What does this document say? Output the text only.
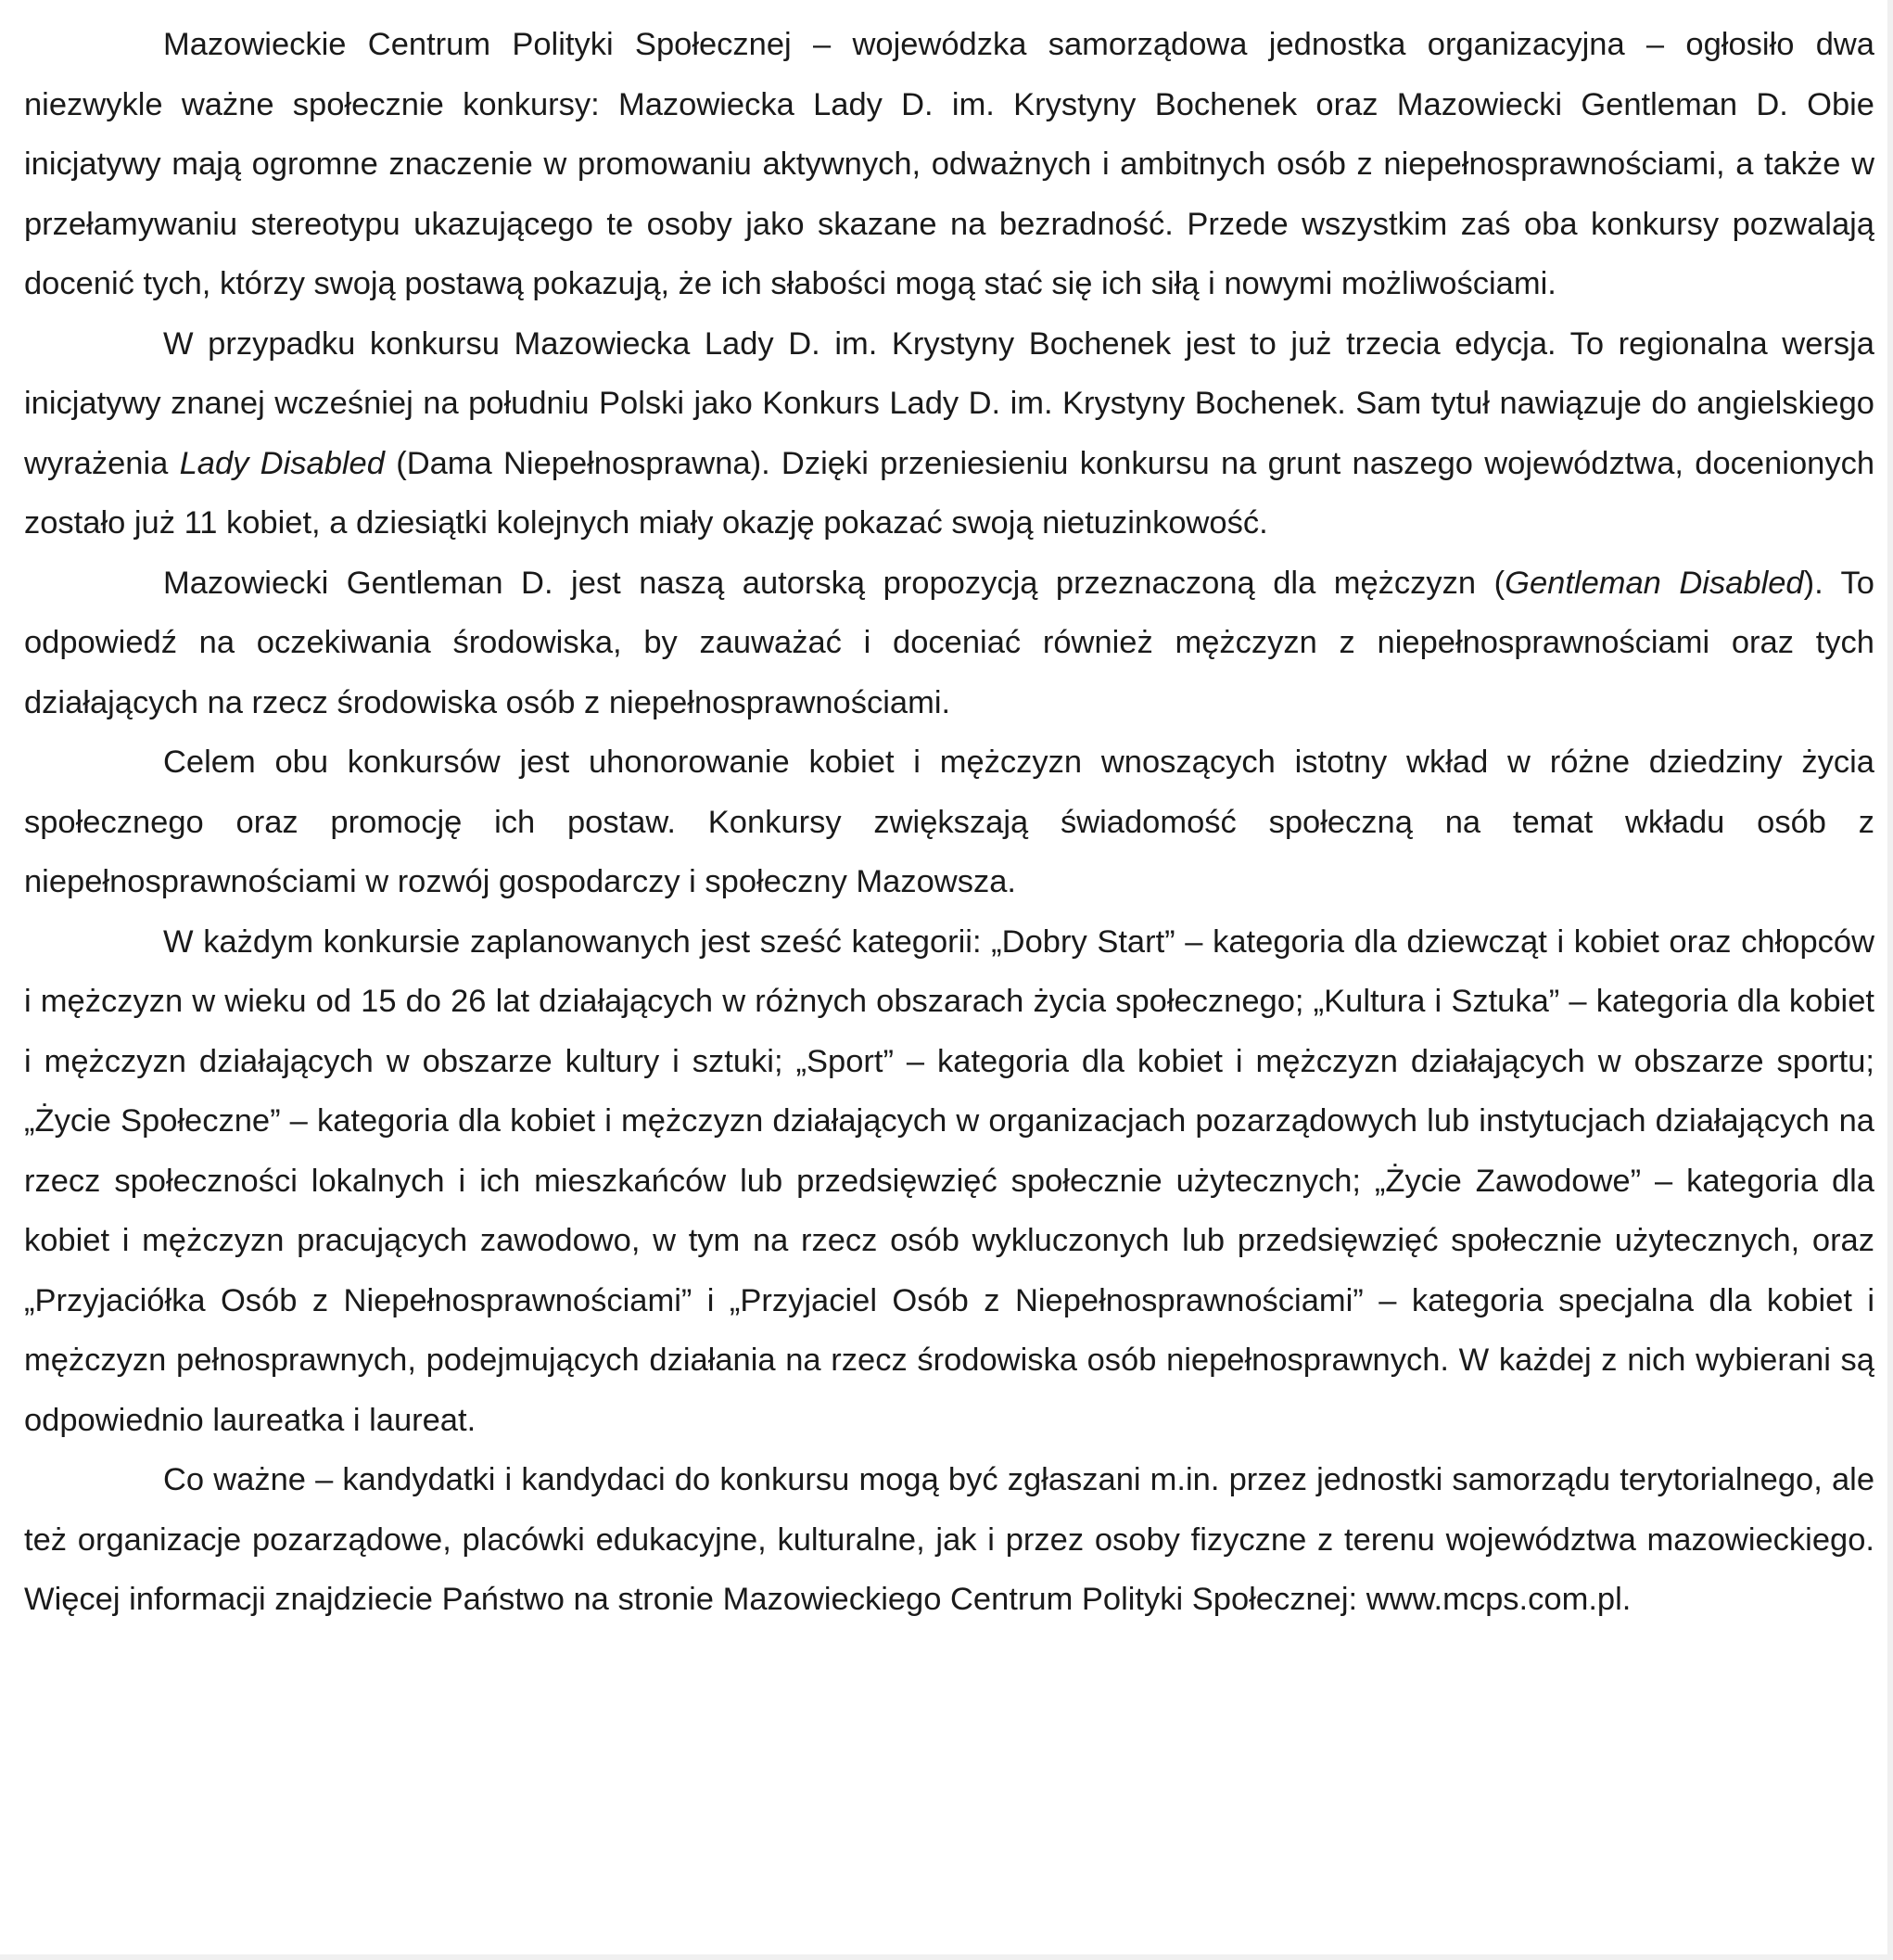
Mazowieckie Centrum Polityki Społecznej – wojewódzka samorządowa jednostka organizacyjna – ogłosiło dwa niezwykle ważne społecznie konkursy: Mazowiecka Lady D. im. Krystyny Bochenek oraz Mazowiecki Gentleman D. Obie inicjatywy mają ogromne znaczenie w promowaniu aktywnych, odważnych i ambitnych osób z niepełnosprawnościami, a także w przełamywaniu stereotypu ukazującego te osoby jako skazane na bezradność. Przede wszystkim zaś oba konkursy pozwalają docenić tych, którzy swoją postawą pokazują, że ich słabości mogą stać się ich siłą i nowymi możliwościami.

W przypadku konkursu Mazowiecka Lady D. im. Krystyny Bochenek jest to już trzecia edycja. To regionalna wersja inicjatywy znanej wcześniej na południu Polski jako Konkurs Lady D. im. Krystyny Bochenek. Sam tytuł nawiązuje do angielskiego wyrażenia Lady Disabled (Dama Niepełnosprawna). Dzięki przeniesieniu konkursu na grunt naszego województwa, docenionych zostało już 11 kobiet, a dziesiątki kolejnych miały okazję pokazać swoją nietuzinkowość.

Mazowiecki Gentleman D. jest naszą autorską propozycją przeznaczoną dla mężczyzn (Gentleman Disabled). To odpowiedź na oczekiwania środowiska, by zauważać i doceniać również mężczyzn z niepełnosprawnościami oraz tych działających na rzecz środowiska osób z niepełnosprawnościami.

Celem obu konkursów jest uhonorowanie kobiet i mężczyzn wnoszących istotny wkład w różne dziedziny życia społecznego oraz promocję ich postaw. Konkursy zwiększają świadomość społeczną na temat wkładu osób z niepełnosprawnościami w rozwój gospodarczy i społeczny Mazowsza.

W każdym konkursie zaplanowanych jest sześć kategorii: „Dobry Start” – kategoria dla dziewcząt i kobiet oraz chłopców i mężczyzn w wieku od 15 do 26 lat działających w różnych obszarach życia społecznego; „Kultura i Sztuka” – kategoria dla kobiet i mężczyzn działających w obszarze kultury i sztuki; „Sport” – kategoria dla kobiet i mężczyzn działających w obszarze sportu; „Życie Społeczne” – kategoria dla kobiet i mężczyzn działających w organizacjach pozarządowych lub instytucjach działających na rzecz społeczności lokalnych i ich mieszkańców lub przedsięwzięć społecznie użytecznych; „Życie Zawodowe” – kategoria dla kobiet i mężczyzn pracujących zawodowo, w tym na rzecz osób wykluczonych lub przedsięwzięć społecznie użytecznych, oraz „Przyjaciółka Osób z Niepełnosprawnościami” i „Przyjaciel Osób z Niepełnosprawnościami” – kategoria specjalna dla kobiet i mężczyzn pełnosprawnych, podejmujących działania na rzecz środowiska osób niepełnosprawnych. W każdej z nich wybierani są odpowiednio laureatka i laureat.

Co ważne – kandydatki i kandydaci do konkursu mogą być zgłaszani m.in. przez jednostki samorządu terytorialnego, ale też organizacje pozarządowe, placówki edukacyjne, kulturalne, jak i przez osoby fizyczne z terenu województwa mazowieckiego. Więcej informacji znajdziecie Państwo na stronie Mazowieckiego Centrum Polityki Społecznej: www.mcps.com.pl.
